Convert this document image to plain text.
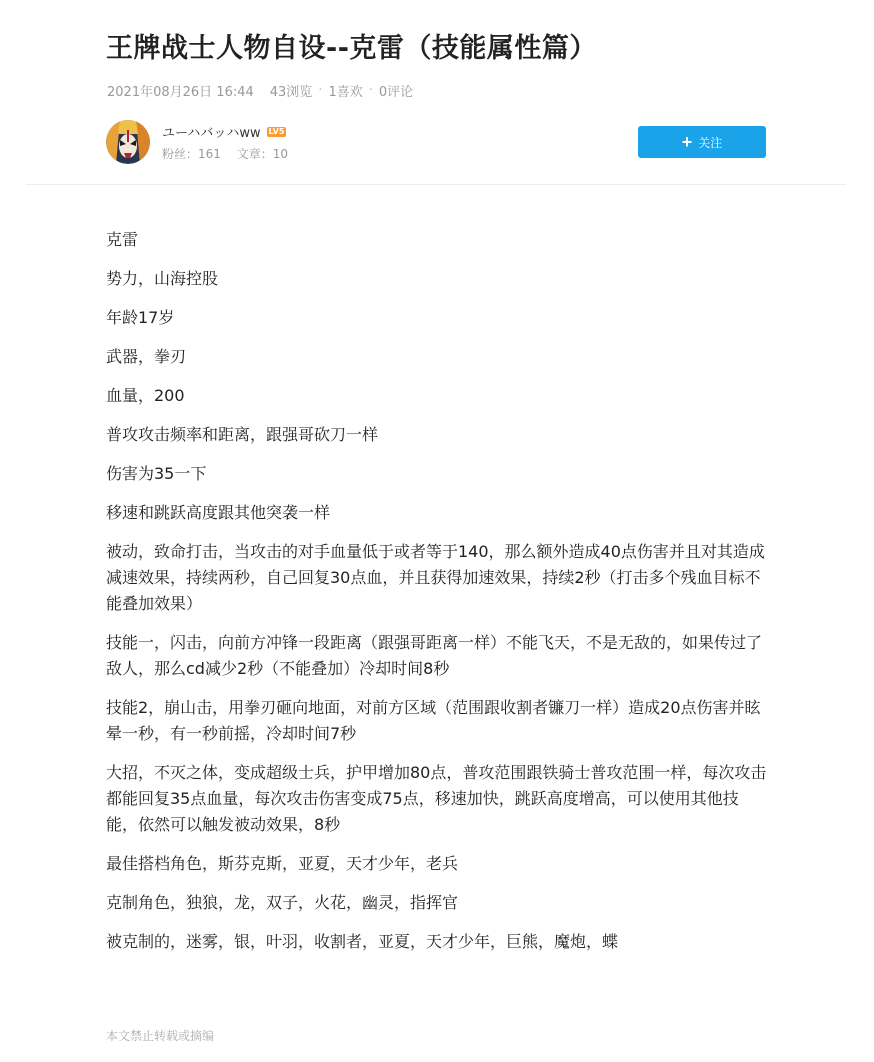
王牌战士人物自设--克雷（技能属性篇）
2021年08月26日 16:44 43浏览 · 1喜欢 · 0评论
ユーハバッハww LV5
粉丝：161 文章：10
+ 关注

克雷

势力，山海控股

年龄17岁

武器，拳刃

血量，200

普攻攻击频率和距离，跟强哥砍刀一样

伤害为35一下

移速和跳跃高度跟其他突袭一样

被动，致命打击，当攻击的对手血量低于或者等于140，那么额外造成40点伤害并且对其造成减速效果，持续两秒，自己回复30点血，并且获得加速效果，持续2秒（打击多个残血目标不能叠加效果）

技能一，闪击，向前方冲锋一段距离（跟强哥距离一样）不能飞天，不是无敌的，如果传过了敌人，那么cd减少2秒（不能叠加）冷却时间8秒

技能2，崩山击，用拳刃砸向地面，对前方区域（范围跟收割者镰刀一样）造成20点伤害并眩晕一秒，有一秒前摇，冷却时间7秒

大招，不灭之体，变成超级士兵，护甲增加80点，普攻范围跟铁骑士普攻范围一样，每次攻击都能回复35点血量，每次攻击伤害变成75点，移速加快，跳跃高度增高，可以使用其他技能，依然可以触发被动效果，8秒

最佳搭档角色，斯芬克斯，亚夏，天才少年，老兵

克制角色，独狼，龙，双子，火花，幽灵，指挥官

被克制的，迷雾，银，叶羽，收割者，亚夏，天才少年，巨熊，魔炮，蝶

本文禁止转载或摘编
